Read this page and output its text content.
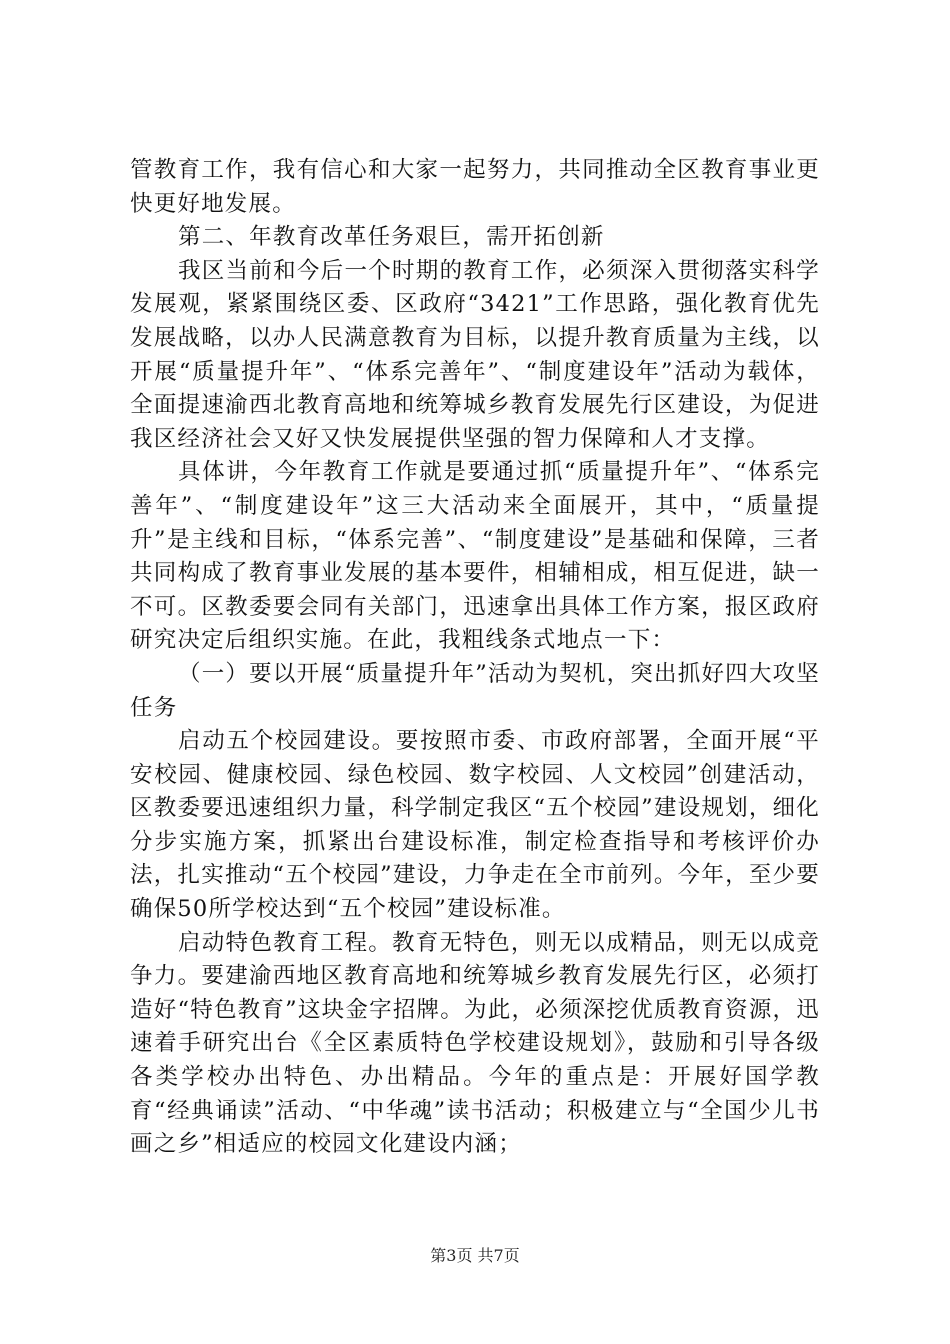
管教育工作，我有信心和大家一起努力，共同推动全区教育事业更快更好地发展。

第二、年教育改革任务艰巨，需开拓创新

我区当前和今后一个时期的教育工作，必须深入贯彻落实科学发展观，紧紧围绕区委、区政府“3421”工作思路，强化教育优先发展战略，以办人民满意教育为目标，以提升教育质量为主线，以开展“质量提升年”、“体系完善年”、“制度建设年”活动为载体，全面提速渝西北教育高地和统筹城乡教育发展先行区建设，为促进我区经济社会又好又快发展提供坚强的智力保障和人才支撑。

具体讲，今年教育工作就是要通过抓“质量提升年”、“体系完善年”、“制度建设年”这三大活动来全面展开，其中，“质量提升”是主线和目标，“体系完善”、“制度建设”是基础和保障，三者共同构成了教育事业发展的基本要件，相辅相成，相互促进，缺一不可。区教委要会同有关部门，迅速拿出具体工作方案，报区政府研究决定后组织实施。在此，我粗线条式地点一下：

（一）要以开展“质量提升年”活动为契机，突出抓好四大攻坚任务

启动五个校园建设。要按照市委、市政府部署，全面开展“平安校园、健康校园、绿色校园、数字校园、人文校园”创建活动，区教委要迅速组织力量，科学制定我区“五个校园”建设规划，细化分步实施方案，抓紧出台建设标准，制定检查指导和考核评价办法，扎实推动“五个校园”建设，力争走在全市前列。今年，至少要确保50所学校达到“五个校园”建设标准。

启动特色教育工程。教育无特色，则无以成精品，则无以成竞争力。要建渝西地区教育高地和统筹城乡教育发展先行区，必须打造好“特色教育”这块金字招牌。为此，必须深挖优质教育资源，迅速着手研究出台《全区素质特色学校建设规划》，鼓励和引导各级各类学校办出特色、办出精品。今年的重点是：开展好国学教育“经典诵读”活动、“中华魂”读书活动；积极建立与“全国少儿书画之乡”相适应的校园文化建设内涵；

第3页 共7页
